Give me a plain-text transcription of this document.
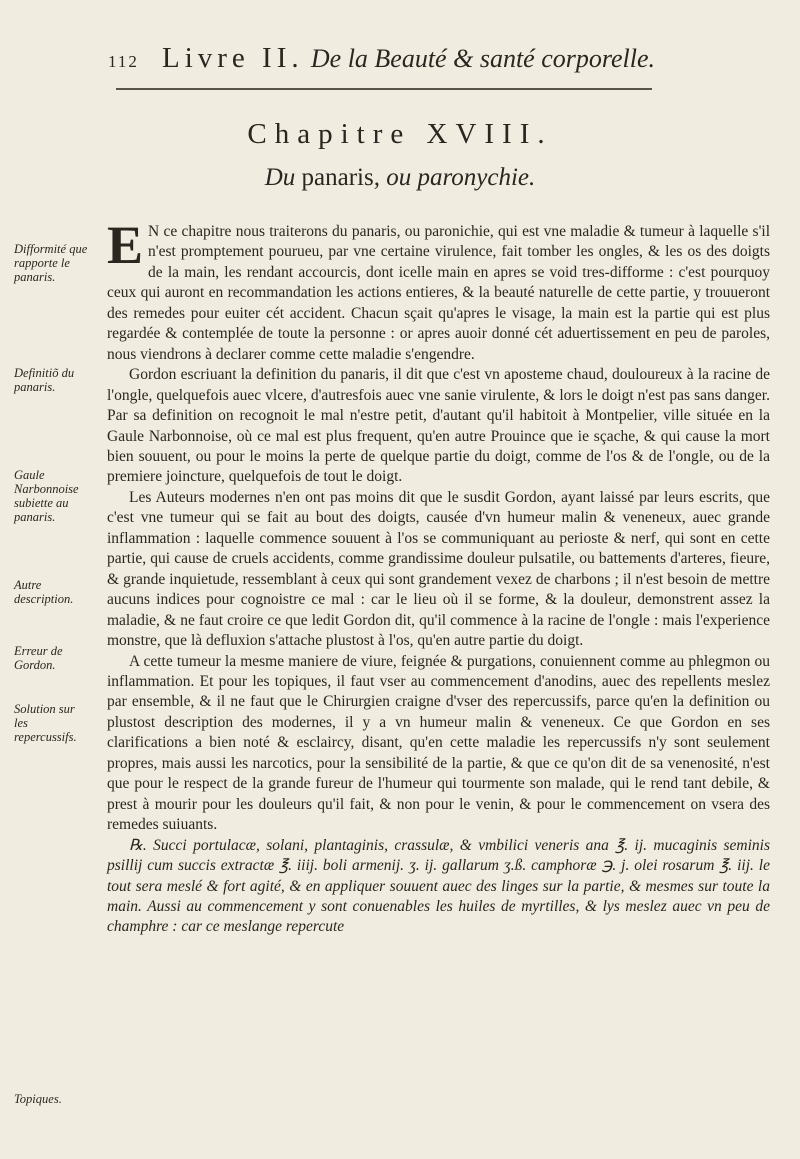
112 Livre II. De la Beauté & santé corporelle.
Chapitre XVIII.
Du panaris, ou paronychie.
Difformité que rapporte le panaris.
Definitiõ du panaris.
Gaule Narbonnoise subiette au panaris.
Autre description.
Erreur de Gordon.
Solution sur les repercussifs.
Topiques.

E N ce chapitre nous traiterons du panaris, ou paronichie, qui est vne maladie & tumeur à laquelle s'il n'est promptement pourueu, par vne certaine virulence, fait tomber les ongles, & les os des doigts de la main, les rendant accourcis, dont icelle main en apres se void tres-difforme : c'est pourquoy ceux qui auront en recommandation les actions entieres, & la beauté naturelle de cette partie, y trouueront des remedes pour euiter cét accident. Chacun sçait qu'apres le visage, la main est la partie qui est plus regardée & contemplée de toute la personne : or apres auoir donné cét aduertissement en peu de paroles, nous viendrons à declarer comme cette maladie s'engendre.

Gordon escriuant la definition du panaris, il dit que c'est vn aposteme chaud, douloureux à la racine de l'ongle, quelquefois auec vlcere, d'autresfois auec vne sanie virulente, & lors le doigt n'est pas sans danger. Par sa definition on recognoit le mal n'estre petit, d'autant qu'il habitoit à Montpelier, ville située en la Gaule Narbonnoise, où ce mal est plus frequent, qu'en autre Prouince que ie sçache, & qui cause la mort bien souuent, ou pour le moins la perte de quelque partie du doigt, comme de l'os & de l'ongle, ou de la premiere joincture, quelquefois de tout le doigt.

Les Auteurs modernes n'en ont pas moins dit que le susdit Gordon, ayant laissé par leurs escrits, que c'est vne tumeur qui se fait au bout des doigts, causée d'vn humeur malin & veneneux, auec grande inflammation : laquelle commence souuent à l'os se communiquant au perioste & nerf, qui sont en cette partie, qui cause de cruels accidents, comme grandissime douleur pulsatile, ou battements d'arteres, fieure, & grande inquietude, ressemblant à ceux qui sont grandement vexez de charbons ; il n'est besoin de mettre aucuns indices pour cognoistre ce mal : car le lieu où il se forme, & la douleur, demonstrent assez la maladie, & ne faut croire ce que ledit Gordon dit, qu'il commence à la racine de l'ongle : mais l'experience monstre, que là defluxion s'attache plustost à l'os, qu'en autre partie du doigt.

A cette tumeur la mesme maniere de viure, feignée & purgations, conuiennent comme au phlegmon ou inflammation. Et pour les topiques, il faut vser au commencement d'anodins, auec des repellents meslez par ensemble, & il ne faut que le Chirurgien craigne d'vser des repercussifs, parce qu'en la definition ou plustost description des modernes, il y a vn humeur malin & veneneux. Ce que Gordon en ses clarifications a bien noté & esclaircy, disant, qu'en cette maladie les repercussifs n'y sont seulement propres, mais aussi les narcotics, pour la sensibilité de la partie, & que ce qu'on dit de sa venenosité, n'est que pour le respect de la grande fureur de l'humeur qui tourmente son malade, qui le rend tant debile, & prest à mourir pour les douleurs qu'il fait, & non pour le venin, & pour le commencement on vsera des remedes suiuants.

℞. Succi portulacæ, solani, plantaginis, crassulæ, & vmbilici veneris ana ℥. ij. mucaginis seminis psillij cum succis extractæ ℥. iiij. boli armenij. ʒ. ij. gallarum ʒ.ß. camphoræ ℈. j. olei rosarum ℥. iij. le tout sera meslé & fort agité, & en appliquer souuent auec des linges sur la partie, & mesmes sur toute la main. Aussi au commencement y sont conuenables les huiles de myrtilles, & lys meslez auec vn peu de champhre : car ce meslange repercute
